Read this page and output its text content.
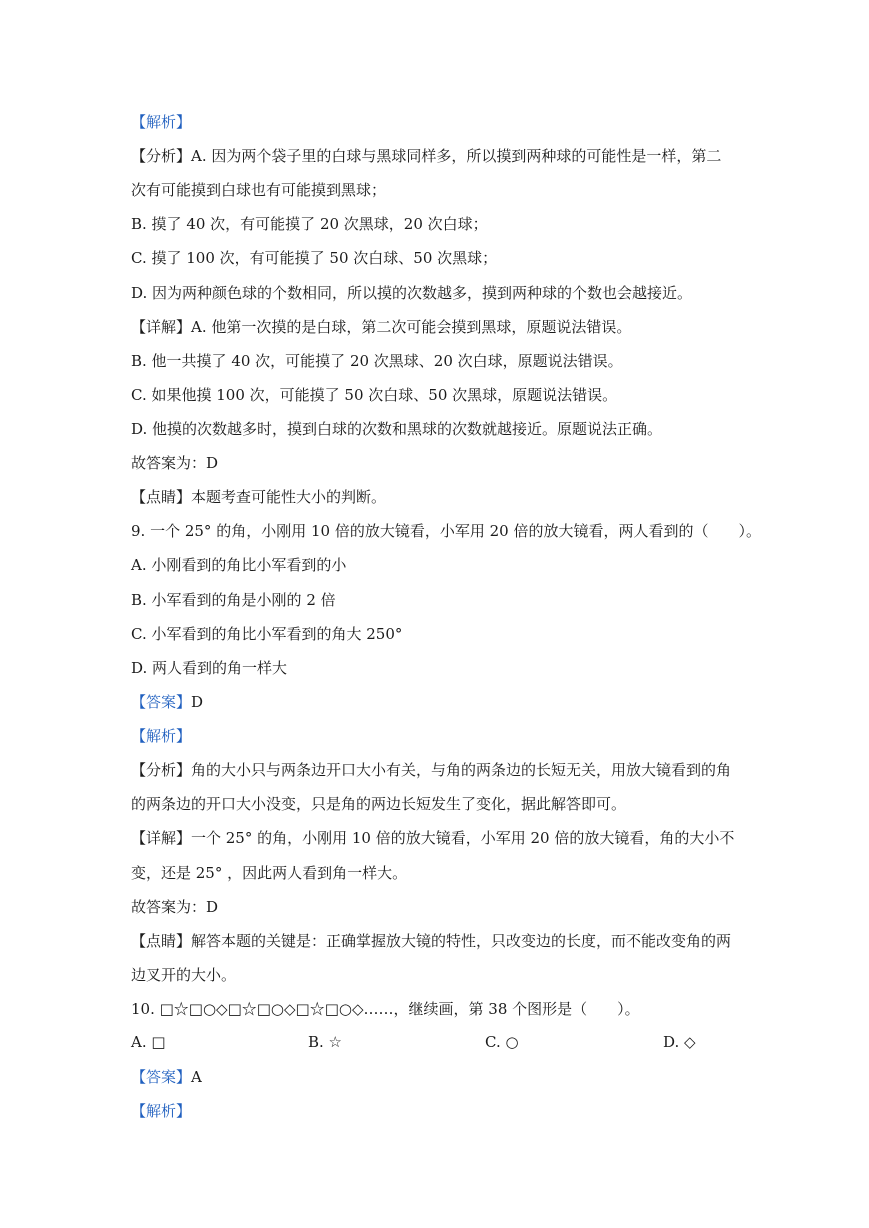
【解析】
【分析】A. 因为两个袋子里的白球与黑球同样多，所以摸到两种球的可能性是一样，第二
次有可能摸到白球也有可能摸到黑球；
B. 摸了 40 次，有可能摸了 20 次黑球，20 次白球；
C. 摸了 100 次，有可能摸了 50 次白球、50 次黑球；
D. 因为两种颜色球的个数相同，所以摸的次数越多，摸到两种球的个数也会越接近。
【详解】A. 他第一次摸的是白球，第二次可能会摸到黑球，原题说法错误。
B. 他一共摸了 40 次，可能摸了 20 次黑球、20 次白球，原题说法错误。
C. 如果他摸 100 次，可能摸了 50 次白球、50 次黑球，原题说法错误。
D. 他摸的次数越多时，摸到白球的次数和黑球的次数就越接近。原题说法正确。
故答案为：D
【点睛】本题考查可能性大小的判断。
9. 一个 25° 的角，小刚用 10 倍的放大镜看，小军用 20 倍的放大镜看，两人看到的（　　）。
A. 小刚看到的角比小军看到的小
B. 小军看到的角是小刚的 2 倍
C. 小军看到的角比小军看到的角大 250°
D. 两人看到的角一样大
【答案】D
【解析】
【分析】角的大小只与两条边开口大小有关，与角的两条边的长短无关，用放大镜看到的角
的两条边的开口大小没变，只是角的两边长短发生了变化，据此解答即可。
【详解】一个 25° 的角，小刚用 10 倍的放大镜看，小军用 20 倍的放大镜看，角的大小不
变，还是 25° ，因此两人看到角一样大。
故答案为：D
【点睛】解答本题的关键是：正确掌握放大镜的特性，只改变边的长度，而不能改变角的两
边叉开的大小。
10. □☆□○◇□☆□○◇□☆□○◇……，继续画，第 38 个图形是（　　）。
A. □	B. ☆	C. ○	D. ◇
【答案】A
【解析】
